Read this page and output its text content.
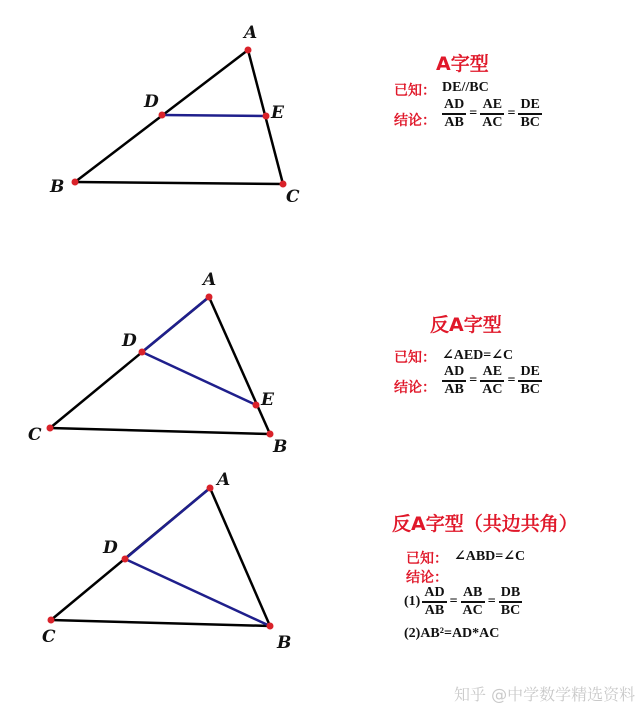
A
D
E
B	C
A
D
E
C
B
A
D
C	B
A字型
已知： DE//BC
结论： $\frac{AD}{AB} = \frac{AE}{AC} = \frac{DE}{BC}$
反A字型
已知： ∠AED=∠C
结论： $\frac{AD}{AB} = \frac{AE}{AC} = \frac{DE}{BC}$
反A字型（共边共角）
已知： ∠ABD=∠C
结论：
$(1) \frac{AD}{AB} = \frac{AB}{AC} = \frac{DB}{BC}$
(2)AB²=AD*AC
知乎 @中学数学精选资料
